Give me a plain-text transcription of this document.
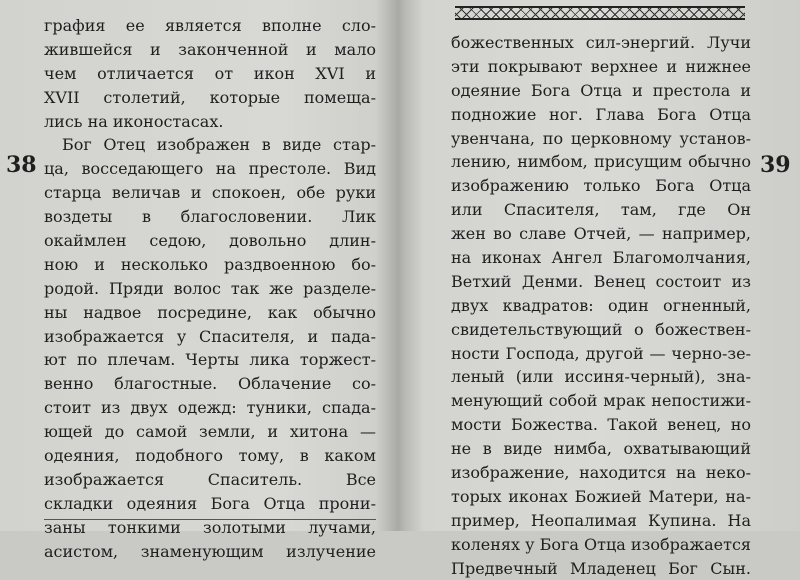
38	39
графия ее является вполне сло-
жившейся и законченной и мало
чем отличается от икон XVI и
XVII столетий, которые помеща-
лись на иконостасах.
Бог Отец изображен в виде стар-
ца, восседающего на престоле. Вид
старца величав и спокоен, обе руки
воздеты в благословении. Лик
окаймлен седою, довольно длин-
ною и несколько раздвоенною бо-
родой. Пряди волос так же разделе-
ны надвое посредине, как обычно
изображается у Спасителя, и пада-
ют по плечам. Черты лика торжест-
венно благостные. Облачение со-
стоит из двух одежд: туники, спада-
ющей до самой земли, и хитона —
одеяния, подобного тому, в каком
изображается Спаситель. Все
складки одеяния Бога Отца прони-
заны тонкими золотыми лучами,
асистом, знаменующим излучение
божественных сил-энергий. Лучи
эти покрывают верхнее и нижнее
одеяние Бога Отца и престола и
подножие ног. Глава Бога Отца
увенчана, по церковному установ-
лению, нимбом, присущим обычно
изображению только Бога Отца
или Спасителя, там, где Он
жен во славе Отчей, — например,
на иконах Ангел Благомолчания,
Ветхий Денми. Венец состоит из
двух квадратов: один огненный,
свидетельствующий о божествен-
ности Господа, другой — черно-зе-
леный (или иссиня-черный), зна-
менующий собой мрак непостижи-
мости Божества. Такой венец, но
не в виде нимба, охватывающий
изображение, находится на неко-
торых иконах Божией Матери, на-
пример, Неопалимая Купина. На
коленях у Бога Отца изображается
Предвечный Младенец Бог Сын.
